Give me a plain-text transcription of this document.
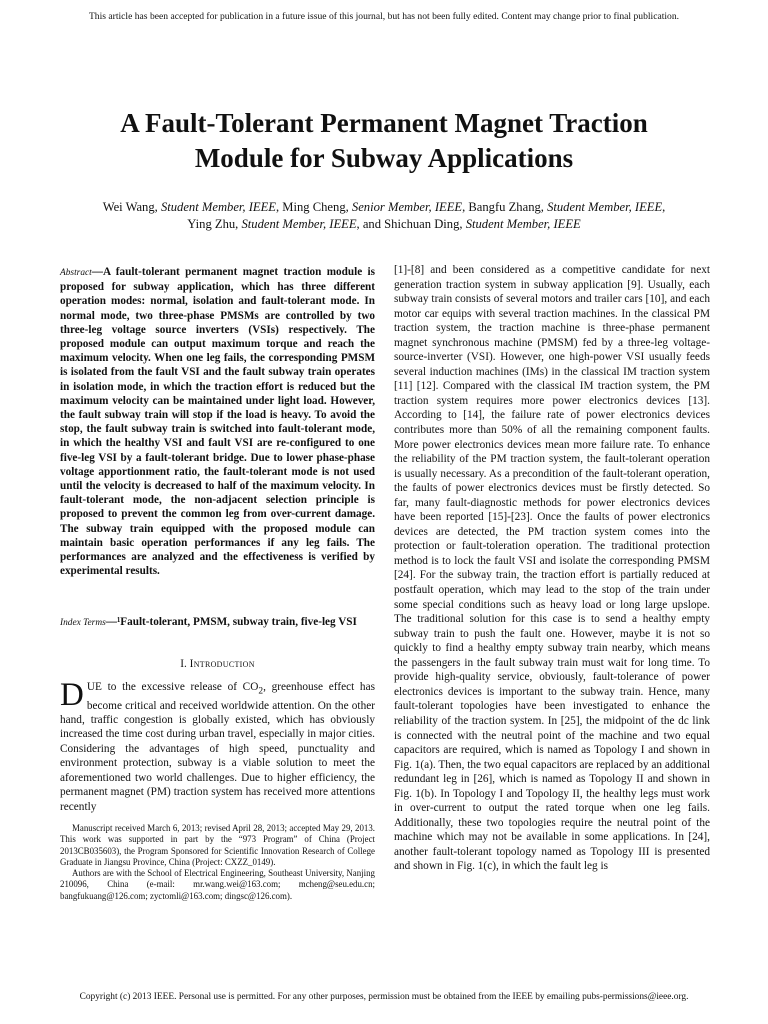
This article has been accepted for publication in a future issue of this journal, but has not been fully edited. Content may change prior to final publication.
A Fault-Tolerant Permanent Magnet Traction
Module for Subway Applications
Wei Wang, Student Member, IEEE, Ming Cheng, Senior Member, IEEE, Bangfu Zhang, Student Member, IEEE,
Ying Zhu, Student Member, IEEE, and Shichuan Ding, Student Member, IEEE
Abstract—A fault-tolerant permanent magnet traction module is proposed for subway application, which has three different operation modes: normal, isolation and fault-tolerant mode. In normal mode, two three-phase PMSMs are controlled by two three-leg voltage source inverters (VSIs) respectively. The proposed module can output maximum torque and reach the maximum velocity. When one leg fails, the corresponding PMSM is isolated from the fault VSI and the fault subway train operates in isolation mode, in which the traction effort is reduced but the maximum velocity can be maintained under light load. However, the fault subway train will stop if the load is heavy. To avoid the stop, the fault subway train is switched into fault-tolerant mode, in which the healthy VSI and fault VSI are re-configured to one five-leg VSI by a fault-tolerant bridge. Due to lower phase-phase voltage apportionment ratio, the fault-tolerant mode is not used until the velocity is decreased to half of the maximum velocity. In fault-tolerant mode, the non-adjacent selection principle is proposed to prevent the common leg from over-current damage. The subway train equipped with the proposed module can maintain basic operation performances if any leg fails. The performances are analyzed and the effectiveness is verified by experimental results.
Index Terms—¹Fault-tolerant, PMSM, subway train, five-leg VSI
I. Introduction
DUE to the excessive release of $CO_2$, greenhouse effect has become critical and received worldwide attention. On the other hand, traffic congestion is globally existed, which has obviously increased the time cost during urban travel, especially in major cities. Considering the advantages of high speed, punctuality and environment protection, subway is a viable solution to meet the aforementioned two world challenges. Due to higher efficiency, the permanent magnet (PM) traction system has received more attentions recently

Manuscript received March 6, 2013; revised April 28, 2013; accepted May 29, 2013. This work was supported in part by the “973 Program” of China (Project 2013CB035603), the Program Sponsored for Scientific Innovation Research of College Graduate in Jiangsu Province, China (Project: CXZZ_0149).

Authors are with the School of Electrical Engineering, Southeast University, Nanjing 210096, China (e-mail: mr.wang.wei@163.com; mcheng@seu.edu.cn; bangfukuang@126.com; zyctomli@163.com; dingsc@126.com).

[1]-[8] and been considered as a competitive candidate for next generation traction system in subway application [9]. Usually, each subway train consists of several motors and trailer cars [10], and each motor car equips with several traction machines. In the classical PM traction system, the traction machine is three-phase permanent magnet synchronous machine (PMSM) fed by a three-leg voltage-source-inverter (VSI). However, one high-power VSI usually feeds several induction machines (IMs) in the classical IM traction system [11] [12]. Compared with the classical IM traction system, the PM traction system requires more power electronics devices [13]. According to [14], the failure rate of power electronics devices contributes more than 50% of all the remaining component faults. More power electronics devices mean more failure rate. To enhance the reliability of the PM traction system, the fault-tolerant operation is usually necessary. As a precondition of the fault-tolerant operation, the faults of power electronics devices must be firstly detected. So far, many fault-diagnostic methods for power electronics devices have been reported [15]-[23]. Once the faults of power electronics devices are detected, the PM traction system comes into the protection or fault-toleration operation. The traditional protection method is to lock the fault VSI and isolate the corresponding PMSM [24]. For the subway train, the traction effort is partially reduced at postfault operation, which may lead to the stop of the train under some special conditions such as heavy load or long large upslope. The traditional solution for this case is to send a healthy empty subway train to push the fault one. However, maybe it is not so quickly to find a healthy empty subway train nearby, which means the passengers in the fault subway train must wait for long time. To provide high-quality service, obviously, fault-tolerance of power electronics devices is important to the subway train. Hence, many fault-tolerant topologies have been investigated to enhance the reliability of the traction system. In [25], the midpoint of the dc link is connected with the neutral point of the machine and two equal capacitors are required, which is named as Topology I and shown in Fig. 1(a). Then, the two equal capacitors are replaced by an additional redundant leg in [26], which is named as Topology II and shown in Fig. 1(b). In Topology I and Topology II, the healthy legs must work in over-current to output the rated torque when one leg fails. Additionally, these two topologies require the neutral point of the machine which may not be available in some applications. In [24], another fault-tolerant topology named as Topology III is presented and shown in Fig. 1(c), in which the fault leg is

Copyright (c) 2013 IEEE. Personal use is permitted. For any other purposes, permission must be obtained from the IEEE by emailing pubs-permissions@ieee.org.
